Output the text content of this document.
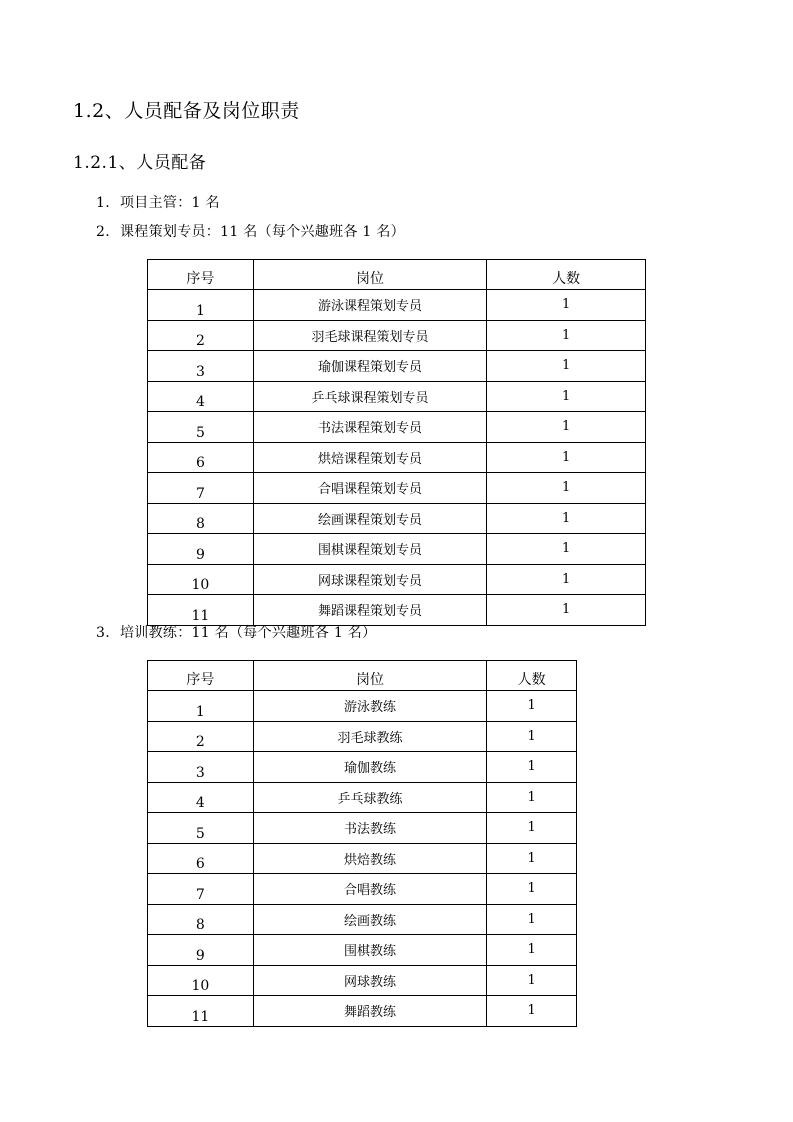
1.2、人员配备及岗位职责
1.2.1、人员配备
1. 项目主管：1 名
2. 课程策划专员：11 名（每个兴趣班各 1 名）
序号	岗位	人数
1	游泳课程策划专员	1
2	羽毛球课程策划专员	1
3	瑜伽课程策划专员	1
4	乒乓球课程策划专员	1
5	书法课程策划专员	1
6	烘焙课程策划专员	1
7	合唱课程策划专员	1
8	绘画课程策划专员	1
9	围棋课程策划专员	1
10	网球课程策划专员	1
11	舞蹈课程策划专员	1
3. 培训教练：11 名（每个兴趣班各 1 名）
序号	岗位	人数
1	游泳教练	1
2	羽毛球教练	1
3	瑜伽教练	1
4	乒乓球教练	1
5	书法教练	1
6	烘焙教练	1
7	合唱教练	1
8	绘画教练	1
9	围棋教练	1
10	网球教练	1
11	舞蹈教练	1
